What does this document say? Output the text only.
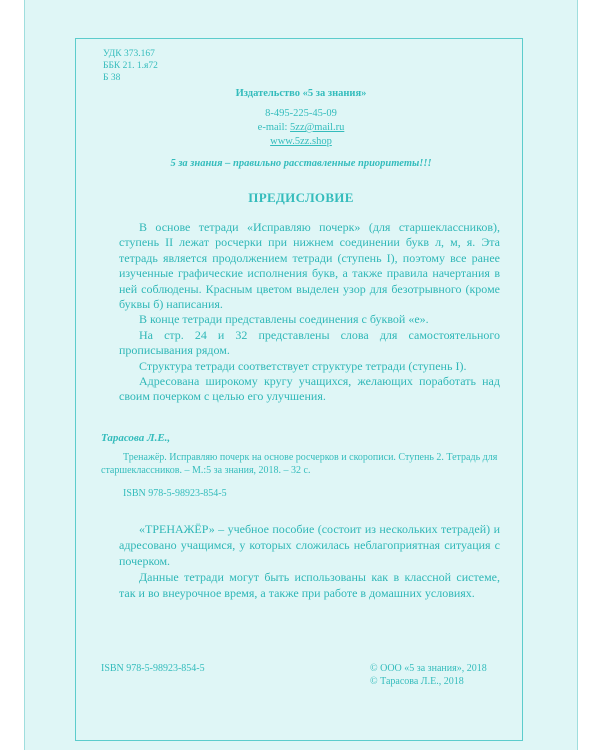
УДК 373.167
ББК 21. 1.я72
Б 38
Издательство «5 за знания»
8-495-225-45-09
e-mail: 5zz@mail.ru
www.5zz.shop
5 за знания – правильно расставленные приоритеты!!!
ПРЕДИСЛОВИЕ

В основе тетради «Исправляю почерк» (для старшеклассников), ступень II лежат росчерки при нижнем соединении букв л, м, я. Эта тетрадь является продолжением тетради (ступень I), поэтому все ранее изученные графические исполнения букв, а также правила начертания в ней соблюдены. Красным цветом выделен узор для безотрывного (кроме буквы б) написания.

В конце тетради представлены соединения с буквой «е».

На стр. 24 и 32 представлены слова для самостоятельного прописывания рядом.

Структура тетради соответствует структуре тетради (ступень I).

Адресована широкому кругу учащихся, желающих поработать над своим почерком с целью его улучшения.

Тарасова Л.Е.,

Тренажёр. Исправляю почерк на основе росчерков и скорописи. Ступень 2. Тетрадь для старшеклассников. – М.:5 за знания, 2018. – 32 с.

ISBN 978-5-98923-854-5

«ТРЕНАЖЁР» – учебное пособие (состоит из нескольких тетрадей) и адресовано учащимся, у которых сложилась неблагоприятная ситуация с почерком.

Данные тетради могут быть использованы как в классной системе, так и во внеурочное время, а также при работе в домашних условиях.

ISBN 978-5-98923-854-5	© ООО «5 за знания», 2018
© Тарасова Л.Е., 2018
